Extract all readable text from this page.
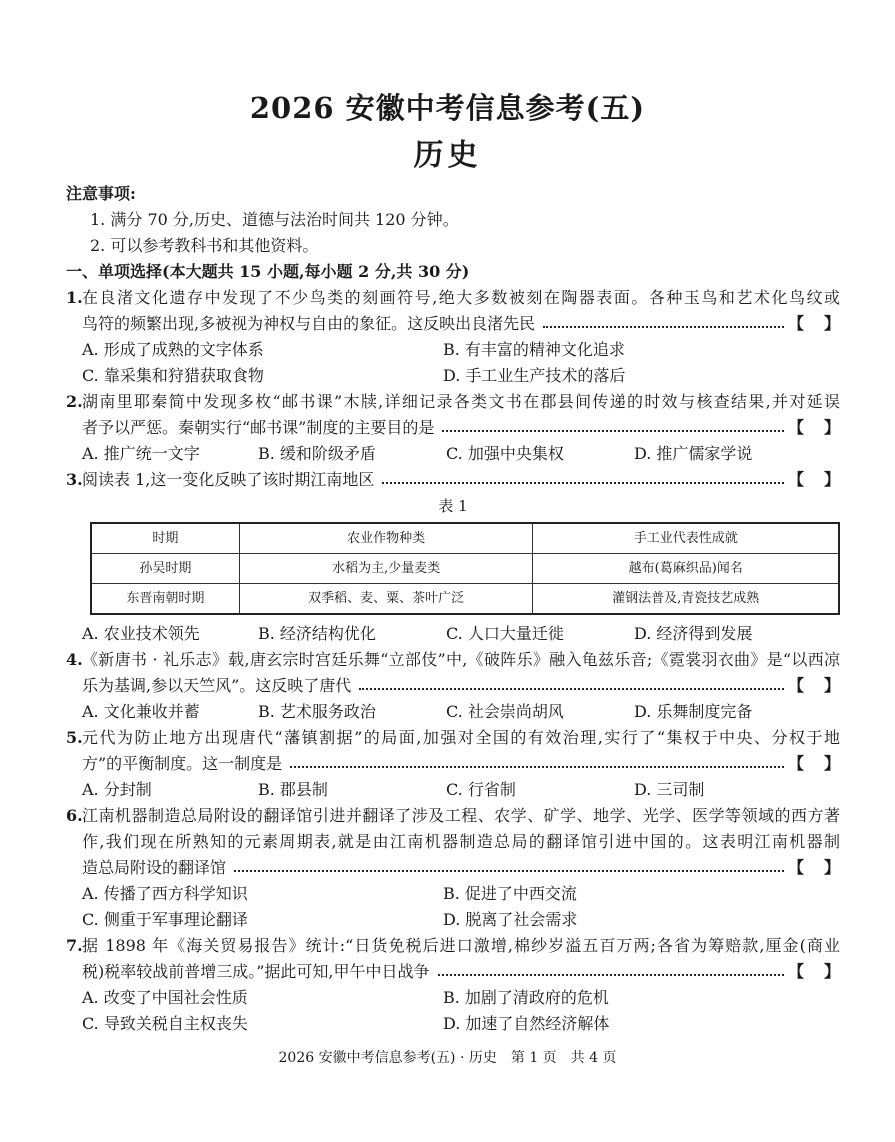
2026 安徽中考信息参考(五)
历史
注意事项:
1. 满分 70 分,历史、道德与法治时间共 120 分钟。
2. 可以参考教科书和其他资料。
一、单项选择(本大题共 15 小题,每小题 2 分,共 30 分)
1. 在良渚文化遗存中发现了不少鸟类的刻画符号,绝大多数被刻在陶器表面。各种玉鸟和艺术化鸟纹或
鸟符的频繁出现,多被视为神权与自由的象征。这反映出良渚先民	【 】
A. 形成了成熟的文字体系	B. 有丰富的精神文化追求
C. 靠采集和狩猎获取食物	D. 手工业生产技术的落后
2. 湖南里耶秦简中发现多枚“邮书课”木牍,详细记录各类文书在郡县间传递的时效与核查结果,并对延误
者予以严惩。秦朝实行“邮书课”制度的主要目的是	【 】
A. 推广统一文字	B. 缓和阶级矛盾	C. 加强中央集权	D. 推广儒家学说
3. 阅读表 1,这一变化反映了该时期江南地区	【 】
表 1
时期	农业作物种类	手工业代表性成就
孙吴时期	水稻为主,少量麦类	越布(葛麻织品)闻名
东晋南朝时期	双季稻、麦、粟、茶叶广泛	灌钢法普及,青瓷技艺成熟
A. 农业技术领先	B. 经济结构优化	C. 人口大量迁徙	D. 经济得到发展
4. 《新唐书 · 礼乐志》载,唐玄宗时宫廷乐舞“立部伎”中,《破阵乐》融入龟兹乐音;《霓裳羽衣曲》是“以西凉
乐为基调,参以天竺风”。这反映了唐代	【 】
A. 文化兼收并蓄	B. 艺术服务政治	C. 社会崇尚胡风	D. 乐舞制度完备
5. 元代为防止地方出现唐代“藩镇割据”的局面,加强对全国的有效治理,实行了“集权于中央、分权于地
方”的平衡制度。这一制度是	【 】
A. 分封制	B. 郡县制	C. 行省制	D. 三司制
6. 江南机器制造总局附设的翻译馆引进并翻译了涉及工程、农学、矿学、地学、光学、医学等领域的西方著
作,我们现在所熟知的元素周期表,就是由江南机器制造总局的翻译馆引进中国的。这表明江南机器制
造总局附设的翻译馆	【 】
A. 传播了西方科学知识	B. 促进了中西交流
C. 侧重于军事理论翻译	D. 脱离了社会需求
7. 据 1898 年《海关贸易报告》统计:“日货免税后进口激增,棉纱岁溢五百万两;各省为筹赔款,厘金(商业
税)税率较战前普增三成。”据此可知,甲午中日战争	【 】
A. 改变了中国社会性质	B. 加剧了清政府的危机
C. 导致关税自主权丧失	D. 加速了自然经济解体
2026 安徽中考信息参考(五) · 历史　第 1 页　共 4 页
